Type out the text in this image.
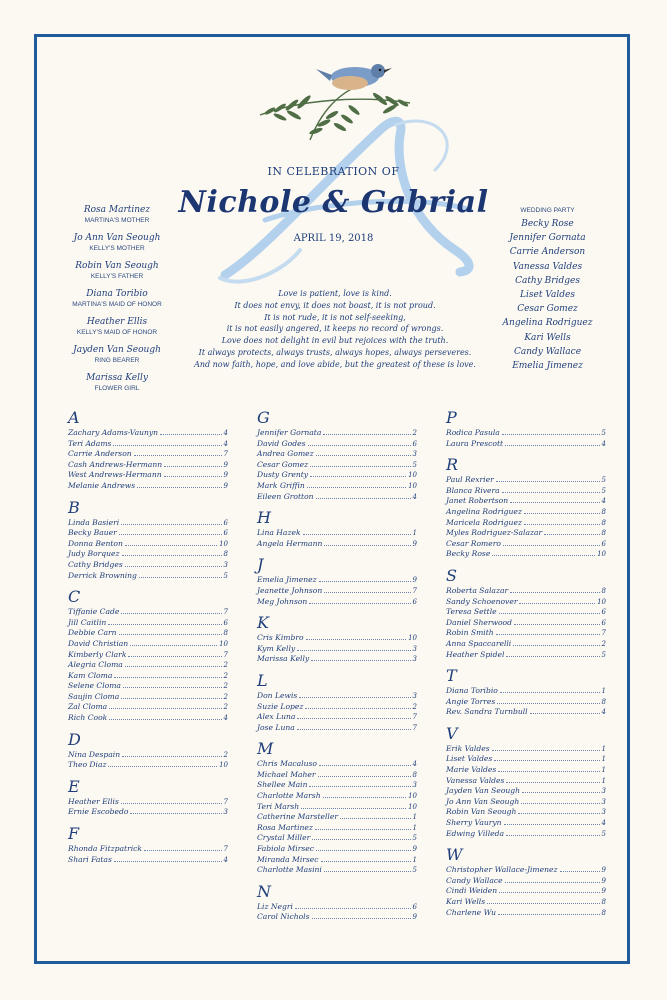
IN CELEBRATION OF
Nichole & Gabrial
APRIL 19, 2018
Rosa Martinez
MARTINA'S MOTHER
Jo Ann Van Seough
KELLY'S MOTHER
Robin Van Seough
KELLY'S FATHER
Diana Toribio
MARTINA'S MAID OF HONOR
Heather Ellis
KELLY'S MAID OF HONOR
Jayden Van Seough
RING BEARER
Marissa Kelly
FLOWER GIRL
WEDDING PARTY
Becky Rose
Jennifer Gornata
Carrie Anderson
Vanessa Valdes
Cathy Bridges
Liset Valdes
Cesar Gomez
Angelina Rodriguez
Kari Wells
Candy Wallace
Emelia Jimenez
Love is patient, love is kind.
It does not envy, it does not boast, it is not proud.
It is not rude, it is not self-seeking,
it is not easily angered, it keeps no record of wrongs.
Love does not delight in evil but rejoices with the truth.
It always protects, always trusts, always hopes, always perseveres.
And now faith, hope, and love abide, but the greatest of these is love.
A
Zachary Adams-Vaunyn	4
Teri Adams	4
Carrie Anderson	7
Cash Andrews-Hermann	9
West Andrews-Hermann	9
Melanie Andrews	9
B
Linda Basieri	6
Becky Bauer	6
Donna Benton	10
Judy Borquez	8
Cathy Bridges	3
Derrick Browning	5
C
Tiffanie Cade	7
Jill Caitlin	6
Debbie Carn	8
David Christian	10
Kimberly Clark	7
Alegria Cloma	2
Kam Cloma	2
Selene Cloma	2
Saujin Cloma	2
Zal Cloma	2
Rich Cook	4
D
Nina Despain	2
Theo Diaz	10
E
Heather Ellis	7
Ernie Escobedo	3
F
Rhonda Fitzpatrick	7
Shari Fatas	4
G
Jennifer Gornata	2
David Godes	6
Andrea Gomez	3
Cesar Gomez	5
Dusty Grenty	10
Mark Griffin	10
Eileen Grotton	4
H
Lina Hazek	1
Angela Hermann	9
J
Emelia Jimenez	9
Jeanette Johnson	7
Meg Johnson	6
K
Cris Kimbro	10
Kym Kelly	3
Marissa Kelly	3
L
Don Lewis	3
Suzie Lopez	2
Alex Luna	7
Jose Luna	7
M
Chris Macaluso	4
Michael Maher	8
Shellee Main	3
Charlotte Marsh	10
Teri Marsh	10
Catherine Marsteller	1
Rosa Martinez	1
Crystal Miller	5
Fabiola Mirsec	9
Miranda Mirsec	1
Charlotte Masini	5
N
Liz Negri	6
Carol Nichols	9
P
Rodica Pasula	5
Laura Prescott	4
R
Paul Rexrier	5
Blanca Rivera	5
Janet Robertson	4
Angelina Rodriguez	8
Maricela Rodriguez	8
Myles Rodriguez-Salazar	8
Cesar Romero	6
Becky Rose	10
S
Roberta Salazar	8
Sandy Schoenover	10
Teresa Settle	6
Daniel Sherwood	6
Robin Smith	7
Anna Spaccarelli	2
Heather Spidel	5
T
Diana Toribio	1
Angie Torres	8
Rev. Sandra Turnbull	4
V
Erik Valdes	1
Liset Valdes	1
Marie Valdes	1
Vanessa Valdes	1
Jayden Van Seough	3
Jo Ann Van Seough	3
Robin Van Seough	3
Sherry Vauryn	4
Edwing Villeda	5
W
Christopher Wallace-Jimenez	9
Candy Wallace	9
Cindi Weiden	9
Kari Wells	8
Charlene Wu	8
